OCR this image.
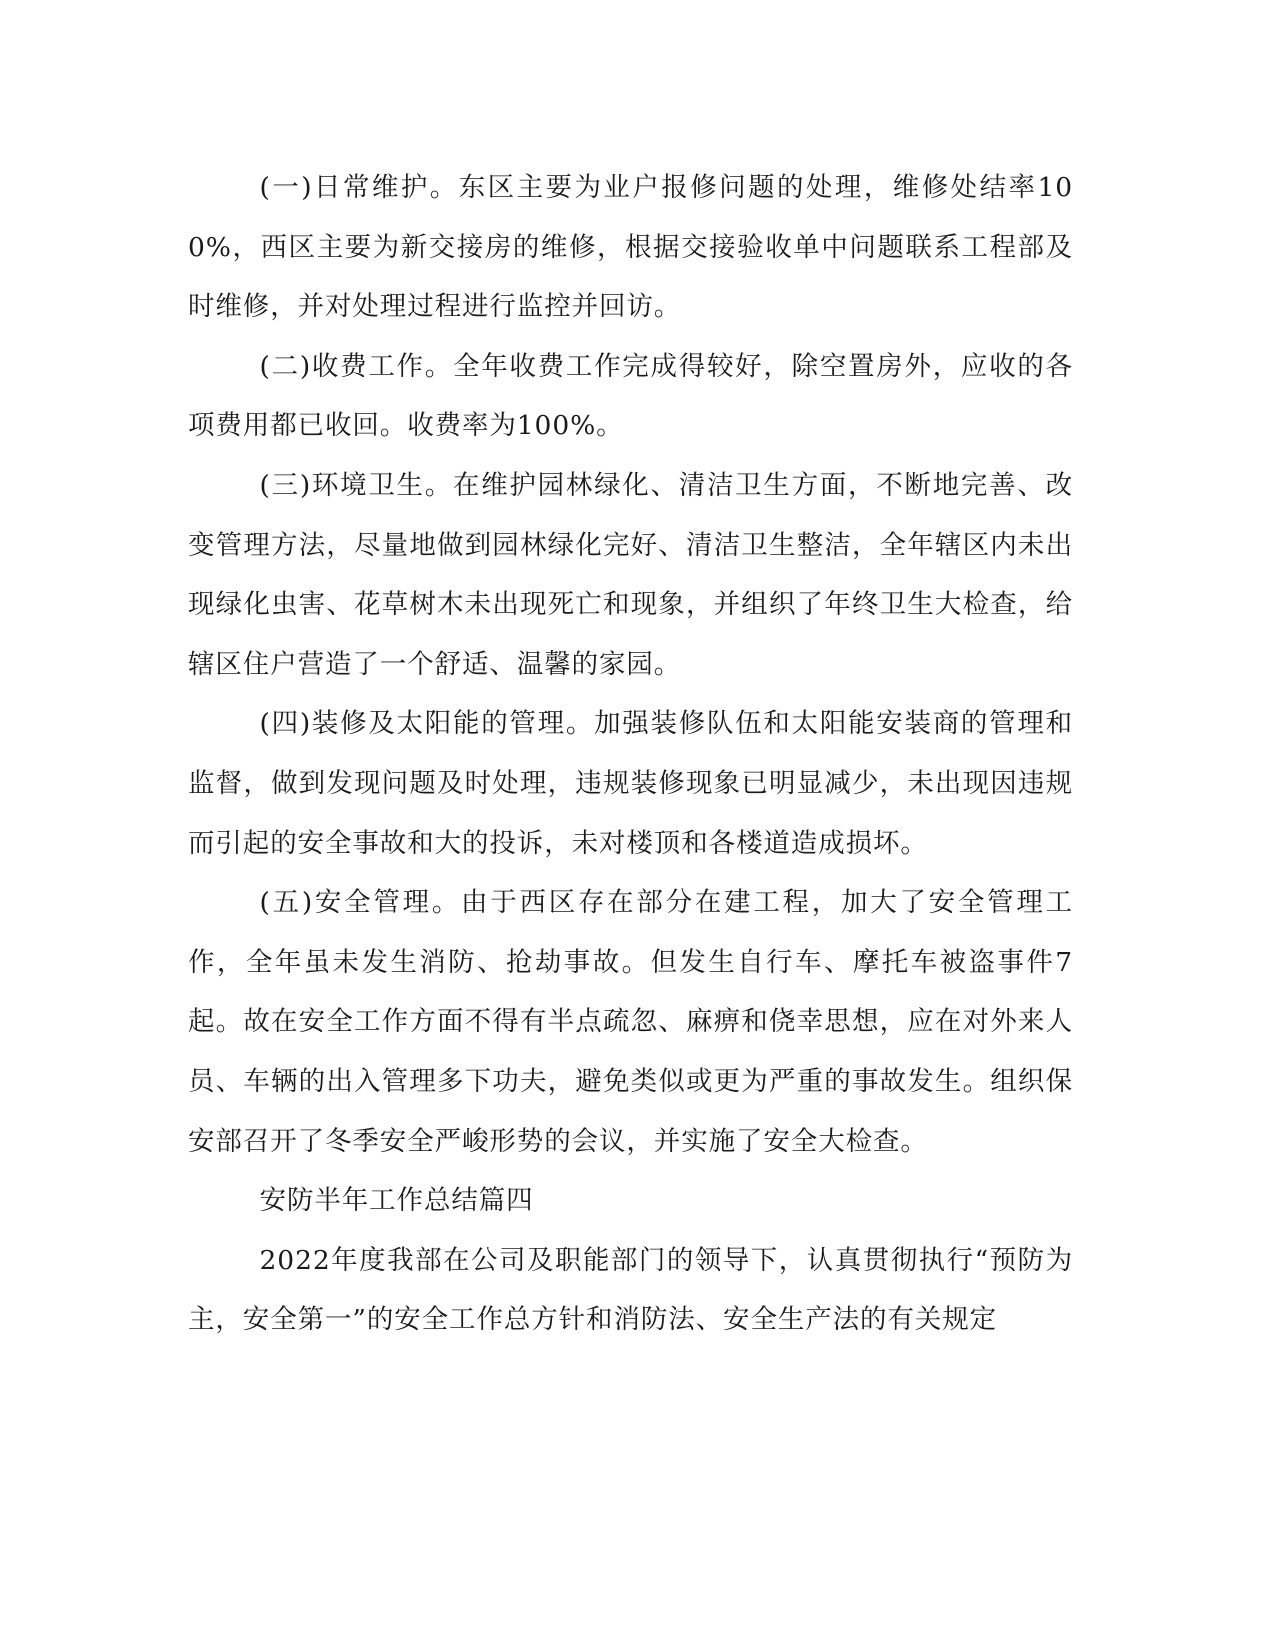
(一)日常维护。东区主要为业户报修问题的处理，维修处结率100%，西区主要为新交接房的维修，根据交接验收单中问题联系工程部及时维修，并对处理过程进行监控并回访。

(二)收费工作。全年收费工作完成得较好，除空置房外，应收的各项费用都已收回。收费率为100%。

(三)环境卫生。在维护园林绿化、清洁卫生方面，不断地完善、改变管理方法，尽量地做到园林绿化完好、清洁卫生整洁，全年辖区内未出现绿化虫害、花草树木未出现死亡和现象，并组织了年终卫生大检查，给辖区住户营造了一个舒适、温馨的家园。

(四)装修及太阳能的管理。加强装修队伍和太阳能安装商的管理和监督，做到发现问题及时处理，违规装修现象已明显减少，未出现因违规而引起的安全事故和大的投诉，未对楼顶和各楼道造成损坏。

(五)安全管理。由于西区存在部分在建工程，加大了安全管理工作，全年虽未发生消防、抢劫事故。但发生自行车、摩托车被盗事件7起。故在安全工作方面不得有半点疏忽、麻痹和侥幸思想，应在对外来人员、车辆的出入管理多下功夫，避免类似或更为严重的事故发生。组织保安部召开了冬季安全严峻形势的会议，并实施了安全大检查。

安防半年工作总结篇四

2022年度我部在公司及职能部门的领导下，认真贯彻执行“预防为主，安全第一”的安全工作总方针和消防法、安全生产法的有关规定
